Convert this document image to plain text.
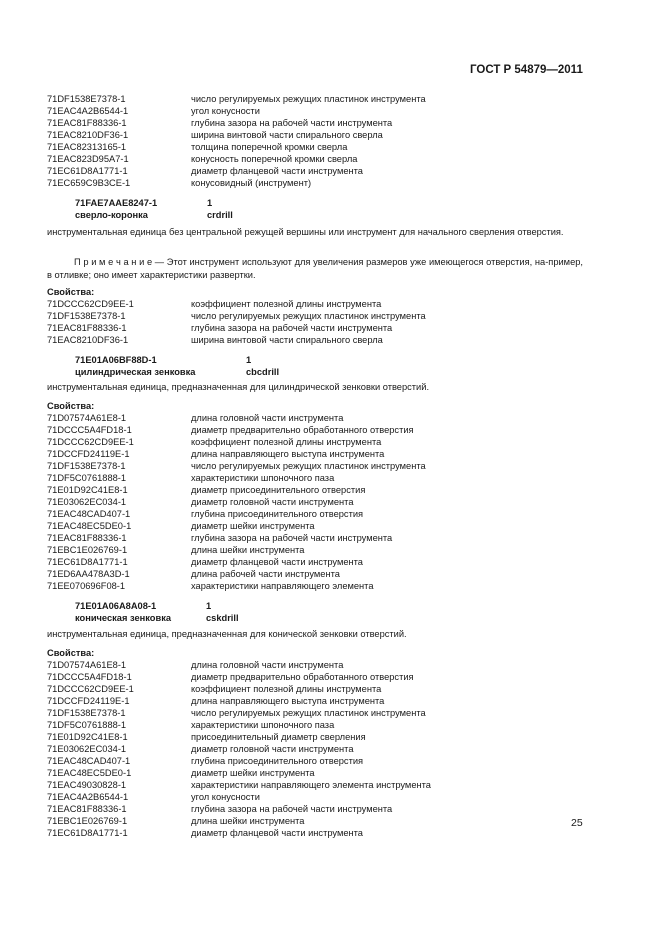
ГОСТ Р 54879—2011
71DF1538E7378-1	число регулируемых режущих пластинок инструмента
71EAC4A2B6544-1	угол конусности
71EAC81F88336-1	глубина зазора на рабочей части инструмента
71EAC8210DF36-1	ширина винтовой части спирального сверла
71EAC82313165-1	толщина поперечной кромки сверла
71EAC823D95A7-1	конусность поперечной кромки сверла
71EC61D8A1771-1	диаметр фланцевой части инструмента
71EC659C9B3CE-1	конусовидный (инструмент)
71FAE7AAE8247-1	1
сверло-коронка	crdrill
инструментальная единица без центральной режущей вершины или инструмент для начального сверления отверстия.
П р и м е ч а н и е — Этот инструмент используют для увеличения размеров уже имеющегося отверстия, на-пример, в отливке; оно имеет характеристики развертки.
Свойства:
71DCCC62CD9EE-1	коэффициент полезной длины инструмента
71DF1538E7378-1	число регулируемых режущих пластинок инструмента
71EAC81F88336-1	глубина зазора на рабочей части инструмента
71EAC8210DF36-1	ширина винтовой части спирального сверла
71E01A06BF88D-1	1
цилиндрическая зенковка	cbcdrill
инструментальная единица, предназначенная для цилиндрической зенковки отверстий.
Свойства:
71D07574A61E8-1	длина головной части инструмента
71DCCC5A4FD18-1	диаметр предварительно обработанного отверстия
71DCCC62CD9EE-1	коэффициент полезной длины инструмента
71DCCFD24119E-1	длина направляющего выступа инструмента
71DF1538E7378-1	число регулируемых режущих пластинок инструмента
71DF5C0761888-1	характеристики шпоночного паза
71E01D92C41E8-1	диаметр присоединительного отверстия
71E03062EC034-1	диаметр головной части инструмента
71EAC48CAD407-1	глубина присоединительного отверстия
71EAC48EC5DE0-1	диаметр шейки инструмента
71EAC81F88336-1	глубина зазора на рабочей части инструмента
71EBC1E026769-1	длина шейки инструмента
71EC61D8A1771-1	диаметр фланцевой части инструмента
71ED6AA478A3D-1	длина рабочей части инструмента
71EE070696F08-1	характеристики направляющего элемента
71E01A06A8A08-1	1
коническая зенковка	cskdrill
инструментальная единица, предназначенная для конической зенковки отверстий.
Свойства:
71D07574A61E8-1	длина головной части инструмента
71DCCC5A4FD18-1	диаметр предварительно обработанного отверстия
71DCCC62CD9EE-1	коэффициент полезной длины инструмента
71DCCFD24119E-1	длина направляющего выступа инструмента
71DF1538E7378-1	число регулируемых режущих пластинок инструмента
71DF5C0761888-1	характеристики шпоночного паза
71E01D92C41E8-1	присоединительный диаметр сверления
71E03062EC034-1	диаметр головной части инструмента
71EAC48CAD407-1	глубина присоединительного отверстия
71EAC48EC5DE0-1	диаметр шейки инструмента
71EAC49030828-1	характеристики направляющего элемента инструмента
71EAC4A2B6544-1	угол конусности
71EAC81F88336-1	глубина зазора на рабочей части инструмента
71EBC1E026769-1	длина шейки инструмента
71EC61D8A1771-1	диаметр фланцевой части инструмента
25
